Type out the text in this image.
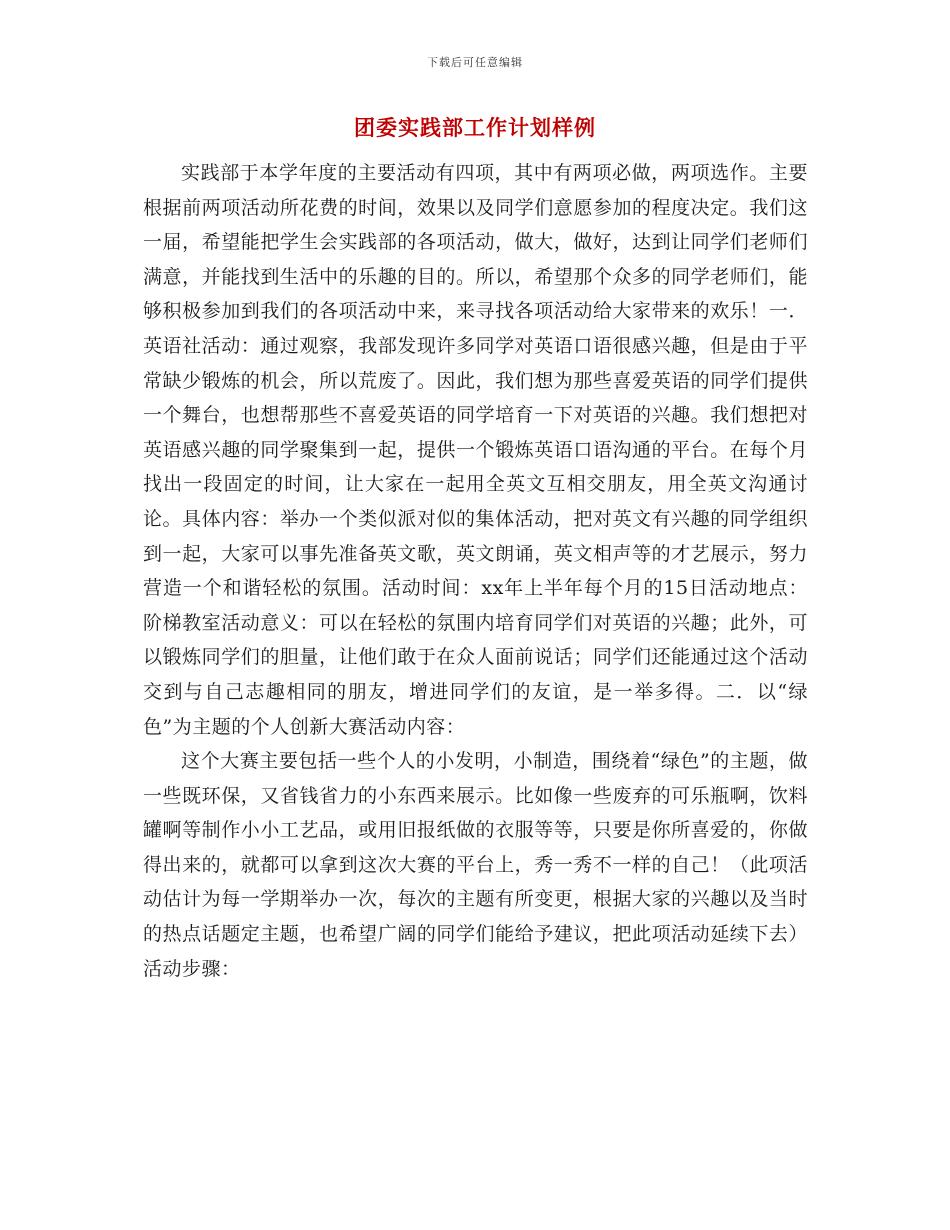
下载后可任意编辑
团委实践部工作计划样例

实践部于本学年度的主要活动有四项，其中有两项必做，两项选作。主要根据前两项活动所花费的时间，效果以及同学们意愿参加的程度决定。我们这一届，希望能把学生会实践部的各项活动，做大，做好，达到让同学们老师们满意，并能找到生活中的乐趣的目的。所以，希望那个众多的同学老师们，能够积极参加到我们的各项活动中来，来寻找各项活动给大家带来的欢乐！一．英语社活动：通过观察，我部发现许多同学对英语口语很感兴趣，但是由于平常缺少锻炼的机会，所以荒废了。因此，我们想为那些喜爱英语的同学们提供一个舞台，也想帮那些不喜爱英语的同学培育一下对英语的兴趣。我们想把对英语感兴趣的同学聚集到一起，提供一个锻炼英语口语沟通的平台。在每个月找出一段固定的时间，让大家在一起用全英文互相交朋友，用全英文沟通讨论。具体内容：举办一个类似派对似的集体活动，把对英文有兴趣的同学组织到一起，大家可以事先准备英文歌，英文朗诵，英文相声等的才艺展示，努力营造一个和谐轻松的氛围。活动时间：xx年上半年每个月的15日活动地点：阶梯教室活动意义：可以在轻松的氛围内培育同学们对英语的兴趣；此外，可以锻炼同学们的胆量，让他们敢于在众人面前说话；同学们还能通过这个活动交到与自己志趣相同的朋友，增进同学们的友谊，是一举多得。二．以“绿色”为主题的个人创新大赛活动内容：

这个大赛主要包括一些个人的小发明，小制造，围绕着“绿色”的主题，做一些既环保，又省钱省力的小东西来展示。比如像一些废弃的可乐瓶啊，饮料罐啊等制作小小工艺品，或用旧报纸做的衣服等等，只要是你所喜爱的，你做得出来的，就都可以拿到这次大赛的平台上，秀一秀不一样的自己！（此项活动估计为每一学期举办一次，每次的主题有所变更，根据大家的兴趣以及当时的热点话题定主题，也希望广阔的同学们能给予建议，把此项活动延续下去）活动步骤：
